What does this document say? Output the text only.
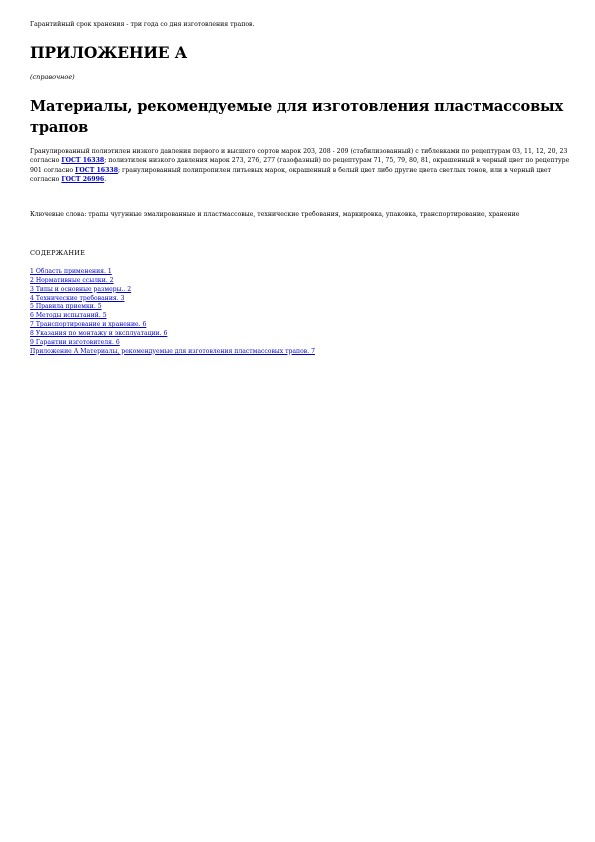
Гарантийный срок хранения - три года со дня изготовления трапов.
ПРИЛОЖЕНИЕ А
(справочное)
Материалы, рекомендуемые для изготовления пластмассовых трапов

Гранулированный полиэтилен низкого давления первого и высшего сортов марок 203, 208 - 209 (стабилизованный) с тиблевками по рецептурам 03, 11, 12, 20, 23 согласно ГОСТ 16338; полиэтилен низкого давления марок 273, 276, 277 (газофазный) по рецептурам 71, 75, 79, 80, 81, окрашенный в черный цвет по рецептуре 901 согласно ГОСТ 16338; гранулированный полипропилен литьевых марок, окрашенный в белый цвет либо другие цвета светлых тонов, или в черный цвет согласно ГОСТ 26996.

Ключевые слова: трапы чугунные эмалированные и пластмассовые, технические требования, маркировка, упаковка, транспортирование, хранение

СОДЕРЖАНИЕ
1 Область применения. 1
2 Нормативные ссылки. 2
3 Типы и основные размеры.. 2
4 Технические требования. 3
5 Правила приемки. 5
6 Методы испытаний. 5
7 Транспортирование и хранение. 6
8 Указания по монтажу и эксплуатации. 6
9 Гарантии изготовителя. 6
Приложение А Материалы, рекомендуемые для изготовления пластмассовых трапов. 7
